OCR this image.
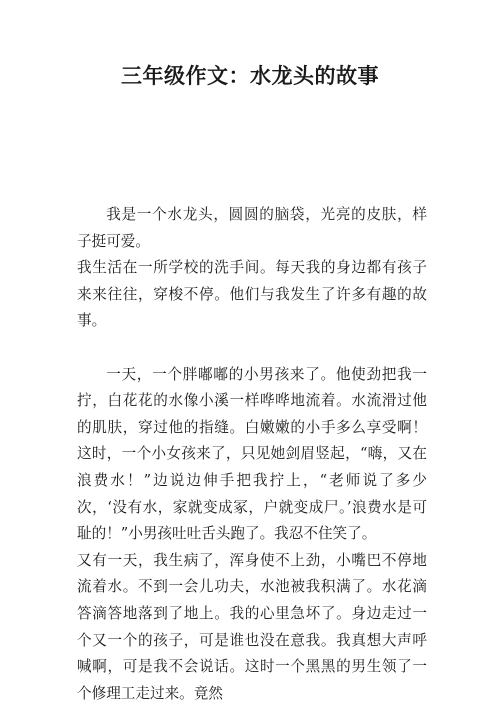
三年级作文：水龙头的故事

我是一个水龙头，圆圆的脑袋，光亮的皮肤，样子挺可爱。

我生活在一所学校的洗手间。每天我的身边都有孩子来来往往，穿梭不停。他们与我发生了许多有趣的故事。

一天，一个胖嘟嘟的小男孩来了。他使劲把我一拧，白花花的水像小溪一样哗哗地流着。水流滑过他的肌肤，穿过他的指缝。白嫩嫩的小手多么享受啊！这时，一个小女孩来了，只见她剑眉竖起，“嗨，又在浪费水！”边说边伸手把我拧上，“老师说了多少次，‘没有水，家就变成冢，户就变成尸。’浪费水是可耻的！”小男孩吐吐舌头跑了。我忍不住笑了。

又有一天，我生病了，浑身使不上劲，小嘴巴不停地流着水。不到一会儿功夫，水池被我积满了。水花滴答滴答地落到了地上。我的心里急坏了。身边走过一个又一个的孩子，可是谁也没在意我。我真想大声呼喊啊，可是我不会说话。这时一个黑黑的男生领了一个修理工走过来。竟然
